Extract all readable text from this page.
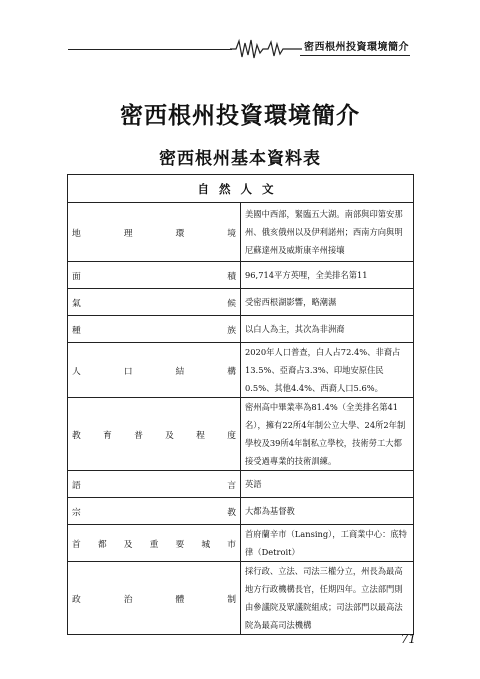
密西根州投資環境簡介
密西根州投資環境簡介
密西根州基本資料表
自然人文	
地理環境	美國中西部，緊臨五大湖。南部與印第安那州、俄亥俄州以及伊利諾州；西南方向與明尼蘇達州及威斯康辛州接壤
面積	96,714平方英哩，全美排名第11
氣候	受密西根湖影響，略潮濕
種族	以白人為主，其次為非洲裔
人口結構	2020年人口普查，白人占72.4%、非裔占13.5%、亞裔占3.3%、印地安原住民0.5%、其他4.4%、西裔人口5.6%。
教育普及程度	密州高中畢業率為81.4%（全美排名第41名），擁有22所4年制公立大學、24所2年制學校及39所4年制私立學校，技術勞工大都接受過專業的技術訓練。
語言	英語
宗教	大都為基督教
首都及重要城市	首府蘭辛市（Lansing），工商業中心：底特律（Detroit）
政治體制	採行政、立法、司法三權分立，州長為最高地方行政機構長官，任期四年。立法部門則由參議院及眾議院組成；司法部門以最高法院為最高司法機構
71
